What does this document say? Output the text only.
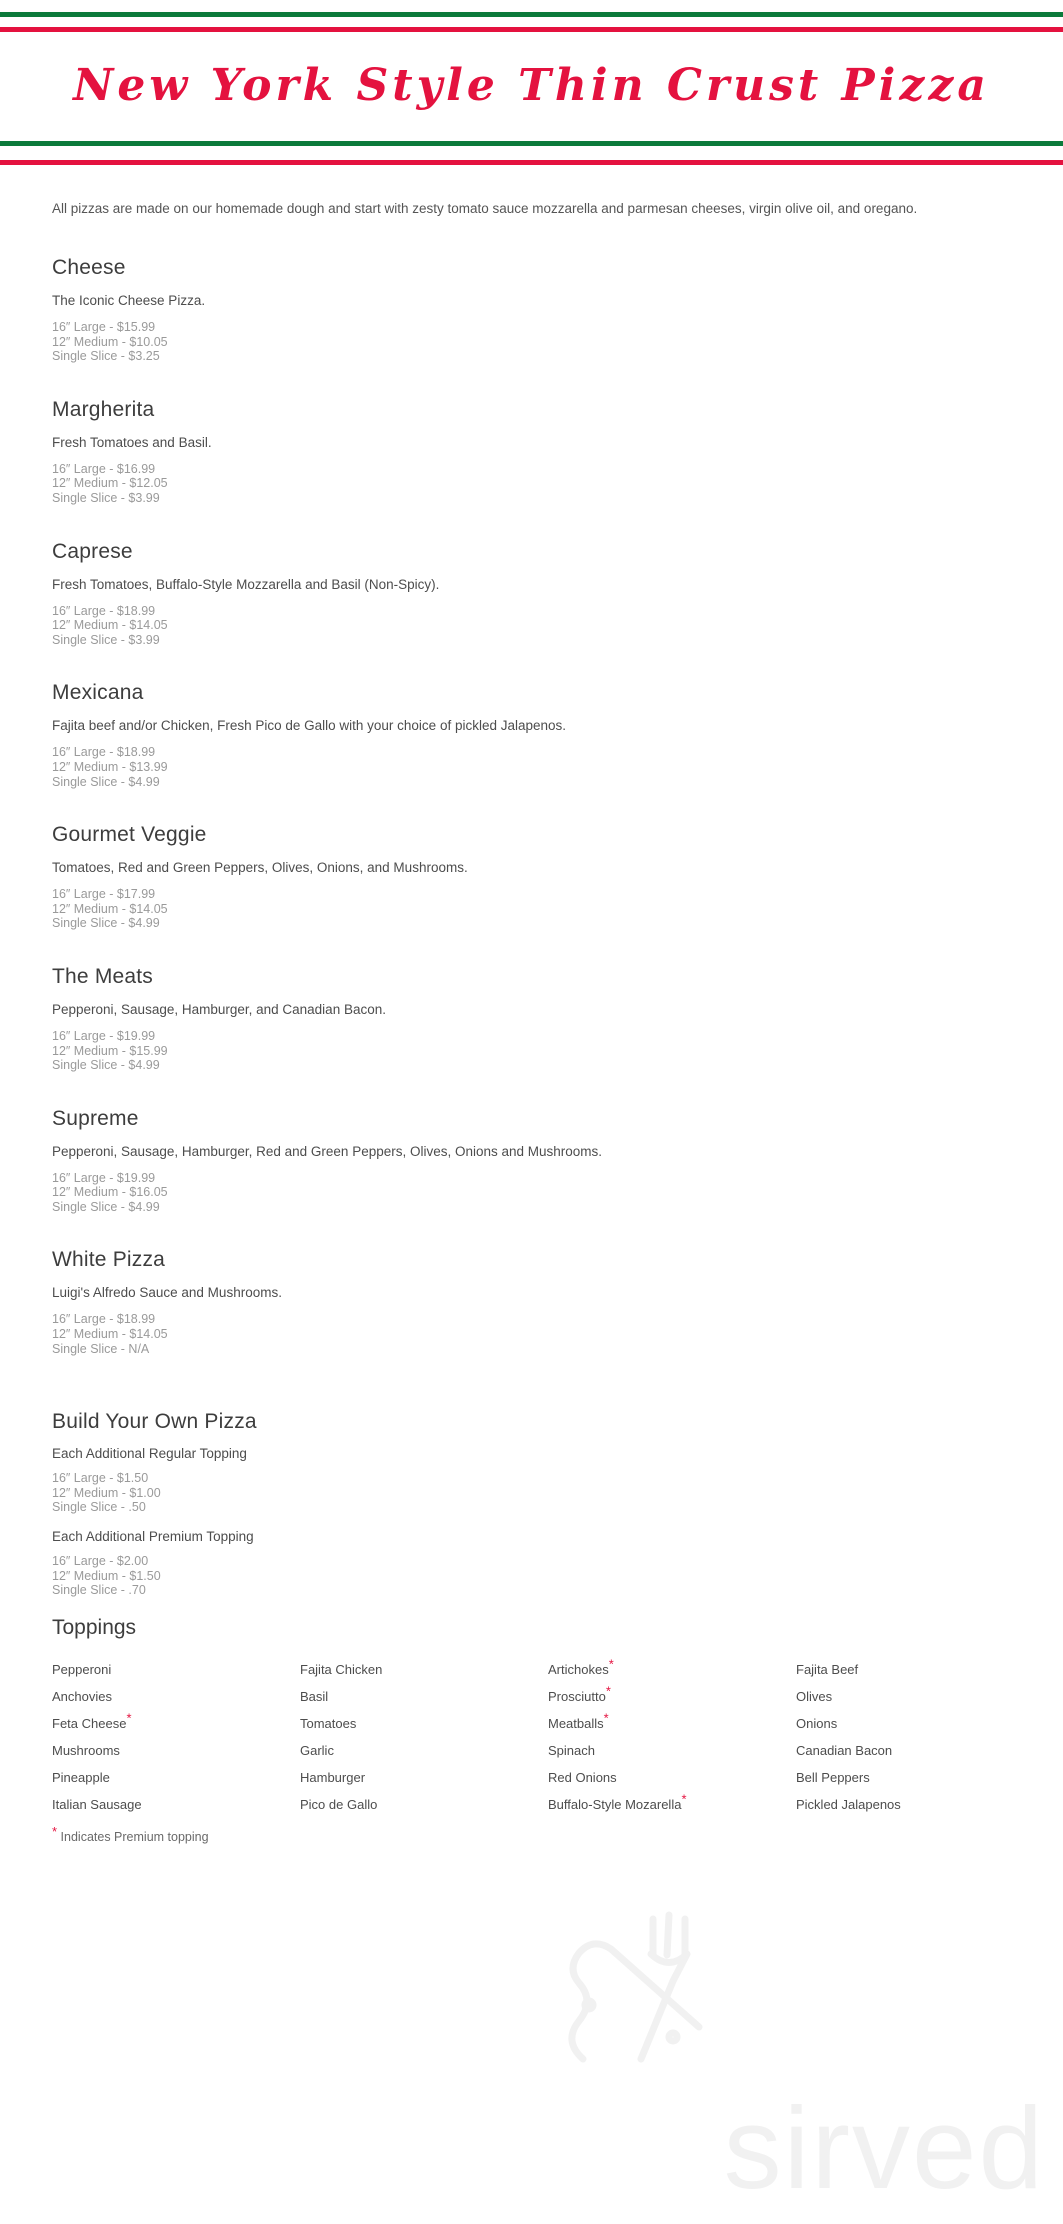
New York Style Thin Crust Pizza

sirved

All pizzas are made on our homemade dough and start with zesty tomato sauce mozzarella and parmesan cheeses, virgin olive oil, and oregano.

Cheese

The Iconic Cheese Pizza.

16″ Large - $15.99
12″ Medium - $10.05
Single Slice - $3.25
Margherita

Fresh Tomatoes and Basil.

16″ Large - $16.99
12″ Medium - $12.05
Single Slice - $3.99
Caprese

Fresh Tomatoes, Buffalo-Style Mozzarella and Basil (Non-Spicy).

16″ Large - $18.99
12″ Medium - $14.05
Single Slice - $3.99
Mexicana

Fajita beef and/or Chicken, Fresh Pico de Gallo with your choice of pickled Jalapenos.

16″ Large - $18.99
12″ Medium - $13.99
Single Slice - $4.99
Gourmet Veggie

Tomatoes, Red and Green Peppers, Olives, Onions, and Mushrooms.

16″ Large - $17.99
12″ Medium - $14.05
Single Slice - $4.99
The Meats

Pepperoni, Sausage, Hamburger, and Canadian Bacon.

16″ Large - $19.99
12″ Medium - $15.99
Single Slice - $4.99
Supreme

Pepperoni, Sausage, Hamburger, Red and Green Peppers, Olives, Onions and Mushrooms.

16″ Large - $19.99
12″ Medium - $16.05
Single Slice - $4.99
White Pizza

Luigi's Alfredo Sauce and Mushrooms.

16″ Large - $18.99
12″ Medium - $14.05
Single Slice - N/A
Build Your Own Pizza

Each Additional Regular Topping

16″ Large - $1.50
12″ Medium - $1.00
Single Slice - .50

Each Additional Premium Topping

16″ Large - $2.00
12″ Medium - $1.50
Single Slice - .70
Toppings
Pepperoni	Fajita Chicken	Artichokes*	Fajita Beef
Anchovies	Basil	Prosciutto*	Olives
Feta Cheese*	Tomatoes	Meatballs*	Onions
Mushrooms	Garlic	Spinach	Canadian Bacon
Pineapple	Hamburger	Red Onions	Bell Peppers
Italian Sausage	Pico de Gallo	Buffalo-Style Mozarella*	Pickled Jalapenos

* Indicates Premium topping
